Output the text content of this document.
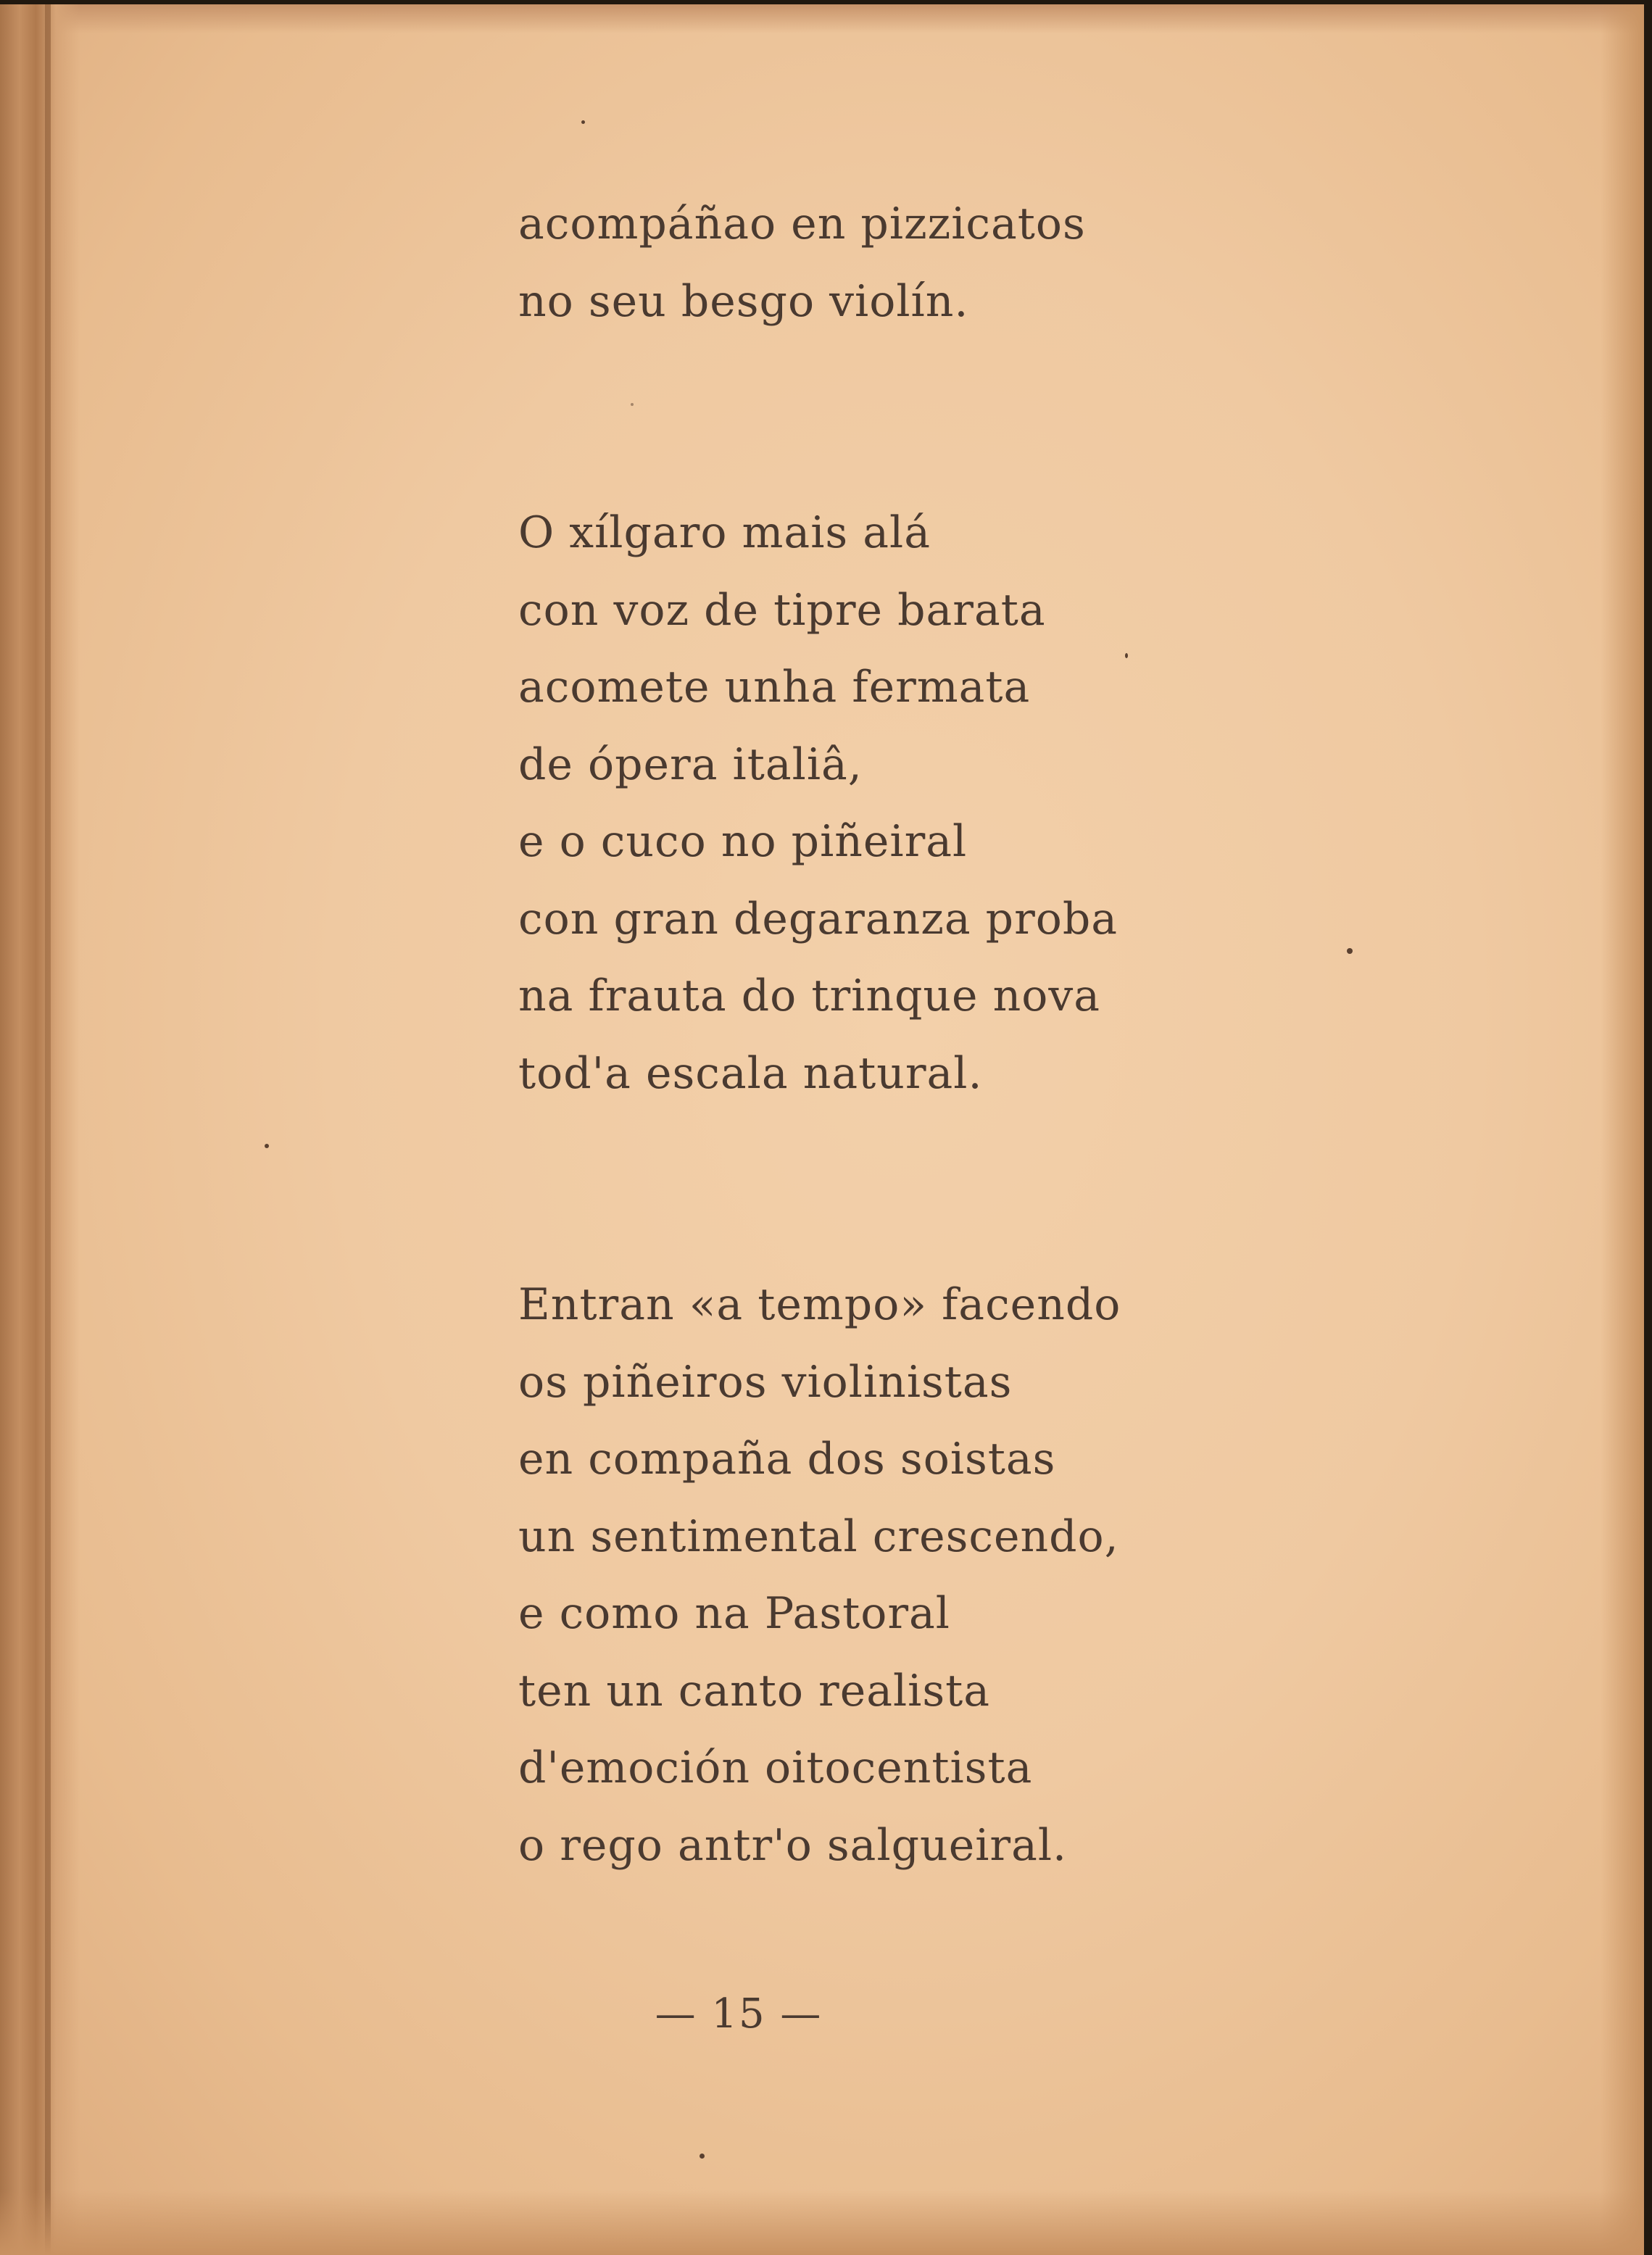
acompáñao en pizzicatos
no seu besgo violín.
O xílgaro mais alá
con voz de tipre barata
acomete unha fermata
de ópera italiâ,
e o cuco no piñeiral
con gran degaranza proba
na frauta do trinque nova
tod'a escala natural.
Entran «a tempo» facendo
os piñeiros violinistas
en compaña dos soistas
un sentimental crescendo,
e como na Pastoral
ten un canto realista
d'emoción oitocentista
o rego antr'o salgueiral.
— 15 —
